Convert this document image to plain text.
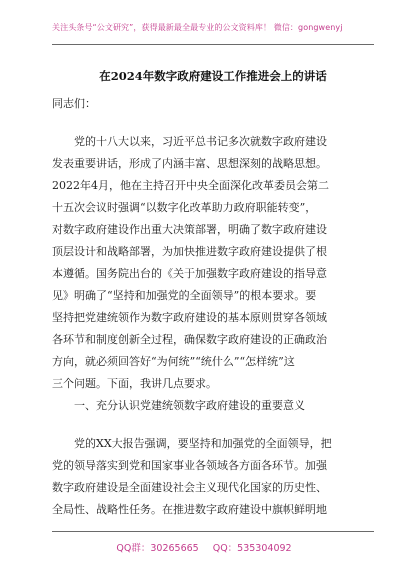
关注头条号“公文研究”，获得最新最全最专业的公文资料库！ 微信：gongwenyj
在2024年数字政府建设工作推进会上的讲话
同志们：
党的十八大以来，习近平总书记多次就数字政府建设
发表重要讲话，形成了内涵丰富、思想深刻的战略思想。
2022年4月，他在主持召开中央全面深化改革委员会第二
十五次会议时强调“以数字化改革助力政府职能转变”，
对数字政府建设作出重大决策部署，明确了数字政府建设
顶层设计和战略部署，为加快推进数字政府建设提供了根
本遵循。国务院出台的《关于加强数字政府建设的指导意
见》明确了“坚持和加强党的全面领导”的根本要求。要
坚持把党建统领作为数字政府建设的基本原则贯穿各领域
各环节和制度创新全过程，确保数字政府建设的正确政治
方向，就必须回答好“为何统”“统什么”“怎样统”这
三个问题。下面，我讲几点要求。
一、充分认识党建统领数字政府建设的重要意义
党的XX大报告强调，要坚持和加强党的全面领导，把
党的领导落实到党和国家事业各领域各方面各环节。加强
数字政府建设是全面建设社会主义现代化国家的历史性、
全局性、战略性任务。在推进数字政府建设中旗帜鲜明地
QQ群：30265665 QQ：535304092
